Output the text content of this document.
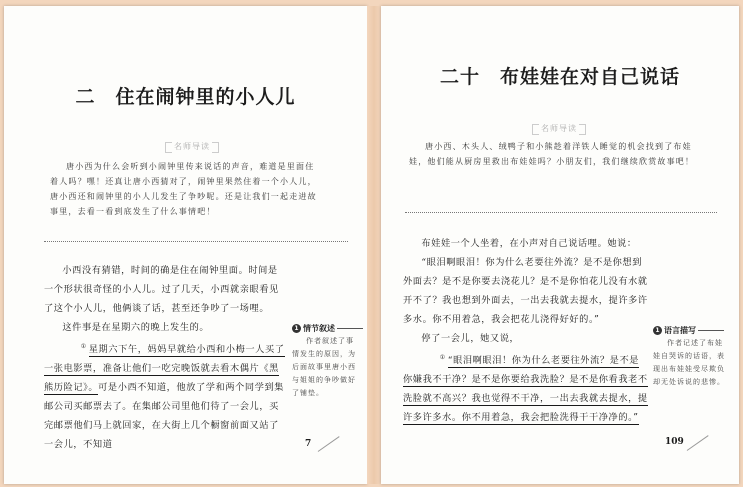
二　住在闹钟里的小人儿
名师导读

唐小西为什么会听到小闹钟里传来说话的声音，难道是里面住着人吗？嘿！还真让唐小西猜对了，闹钟里果然住着一个小人儿，唐小西还和闹钟里的小人儿发生了争吵呢。还是让我们一起走进故事里，去看一看到底发生了什么事情吧！

小西没有猜错，时间的确是住在闹钟里面。时间是一个形状很奇怪的小人儿。过了几天，小西就亲眼看见了这个小人儿，他俩谈了话，甚至还争吵了一场哩。

这件事是在星期六的晚上发生的。

① 星期六下午，妈妈早就给小西和小梅一人买了一张电影票，准备让他们一吃完晚饭就去看木偶片《黑熊历险记》。可是小西不知道，他放了学和两个同学到集邮公司买邮票去了。在集邮公司里他们待了一会儿，买完邮票他们马上就回家，在大街上几个橱窗前面又站了一会儿，不知道

1 情节叙述
作者叙述了事情发生的原因，为后面故事里唐小西与姐姐的争吵做好了铺垫。
7
二十　布娃娃在对自己说话
名师导读

唐小西、木头人、绒鸭子和小熊趁着洋铁人睡觉的机会找到了布娃娃，他们能从厨房里救出布娃娃吗？小朋友们，我们继续欣赏故事吧！

布娃娃一个人坐着，在小声对自己说话哩。她说：

“眼泪啊眼泪！你为什么老要往外流？是不是你想到外面去？是不是你要去浇花儿？是不是你怕花儿没有水就开不了？我也想到外面去，一出去我就去提水，提许多许多水。你不用着急，我会把花儿浇得好好的。”

停了一会儿，她又说，

① “眼泪啊眼泪！你为什么老要往外流？是不是你嫌我不干净？是不是你要给我洗脸？是不是你看我老不洗脸就不高兴？我也觉得不干净，一出去我就去提水，提许多许多水。你不用着急，我会把脸洗得干干净净的。”

1 语言描写
作者记述了布娃娃自哭诉的话语，表现出布娃娃受尽欺负却无处诉说的悲惨。
109
